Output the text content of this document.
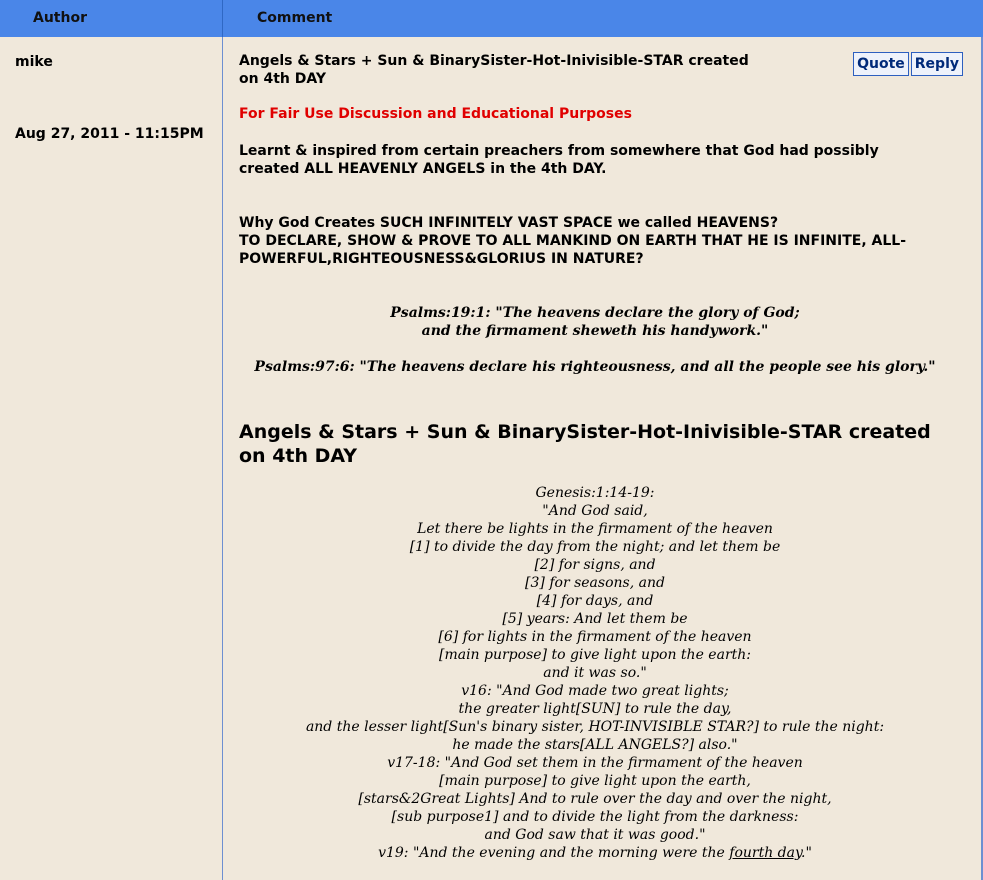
Author	Comment
mike
Aug 27, 2011 - 11:15PM
Angels & Stars + Sun & BinarySister-Hot-Inivisible-STAR created on 4th DAY
Quote Reply
For Fair Use Discussion and Educational Purposes
Learnt & inspired from certain preachers from somewhere that God had possibly created ALL HEAVENLY ANGELS in the 4th DAY.
Why God Creates SUCH INFINITELY VAST SPACE we called HEAVENS?
TO DECLARE, SHOW & PROVE TO ALL MANKIND ON EARTH THAT HE IS INFINITE, ALL-POWERFUL,RIGHTEOUSNESS&GLORIUS IN NATURE?
Psalms:19:1: "The heavens declare the glory of God;
and the firmament sheweth his handywork."
Psalms:97:6: "The heavens declare his righteousness, and all the people see his glory."
Angels & Stars + Sun & BinarySister-Hot-Inivisible-STAR created on 4th DAY
Genesis:1:14-19:
"And God said,
Let there be lights in the firmament of the heaven
[1] to divide the day from the night; and let them be
[2] for signs, and
[3] for seasons, and
[4] for days, and
[5] years: And let them be
[6] for lights in the firmament of the heaven
[main purpose] to give light upon the earth:
and it was so."
v16: "And God made two great lights;
the greater light[SUN] to rule the day,
and the lesser light[Sun's binary sister, HOT-INVISIBLE STAR?] to rule the night:
he made the stars[ALL ANGELS?] also."
v17-18: "And God set them in the firmament of the heaven
[main purpose] to give light upon the earth,
[stars&2Great Lights] And to rule over the day and over the night,
[sub purpose1] and to divide the light from the darkness:
and God saw that it was good."
v19: "And the evening and the morning were the fourth day."
